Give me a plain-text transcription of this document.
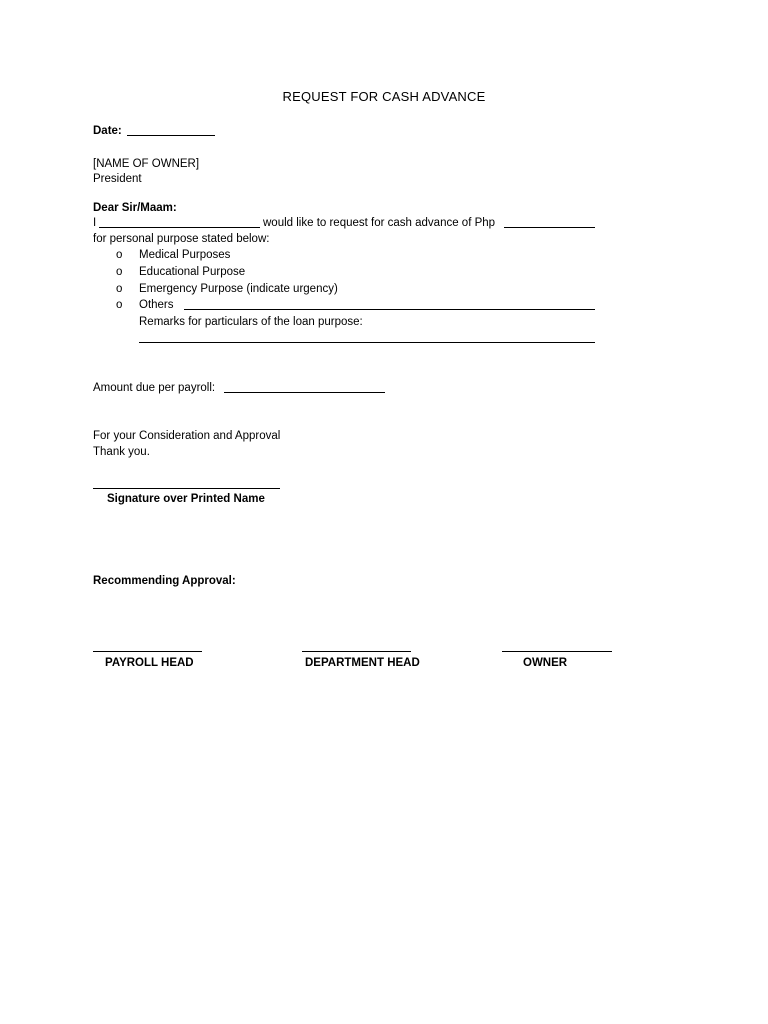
REQUEST FOR CASH ADVANCE
Date:
[NAME OF OWNER]
President
Dear Sir/Maam:
I	would like to request for cash advance of Php
for personal purpose stated below:
o Medical Purposes
o Educational Purpose
o Emergency Purpose (indicate urgency)
o Others
Remarks for particulars of the loan purpose:
Amount due per payroll:
For your Consideration and Approval
Thank you.
Signature over Printed Name
Recommending Approval:
PAYROLL HEAD	DEPARTMENT HEAD	OWNER
